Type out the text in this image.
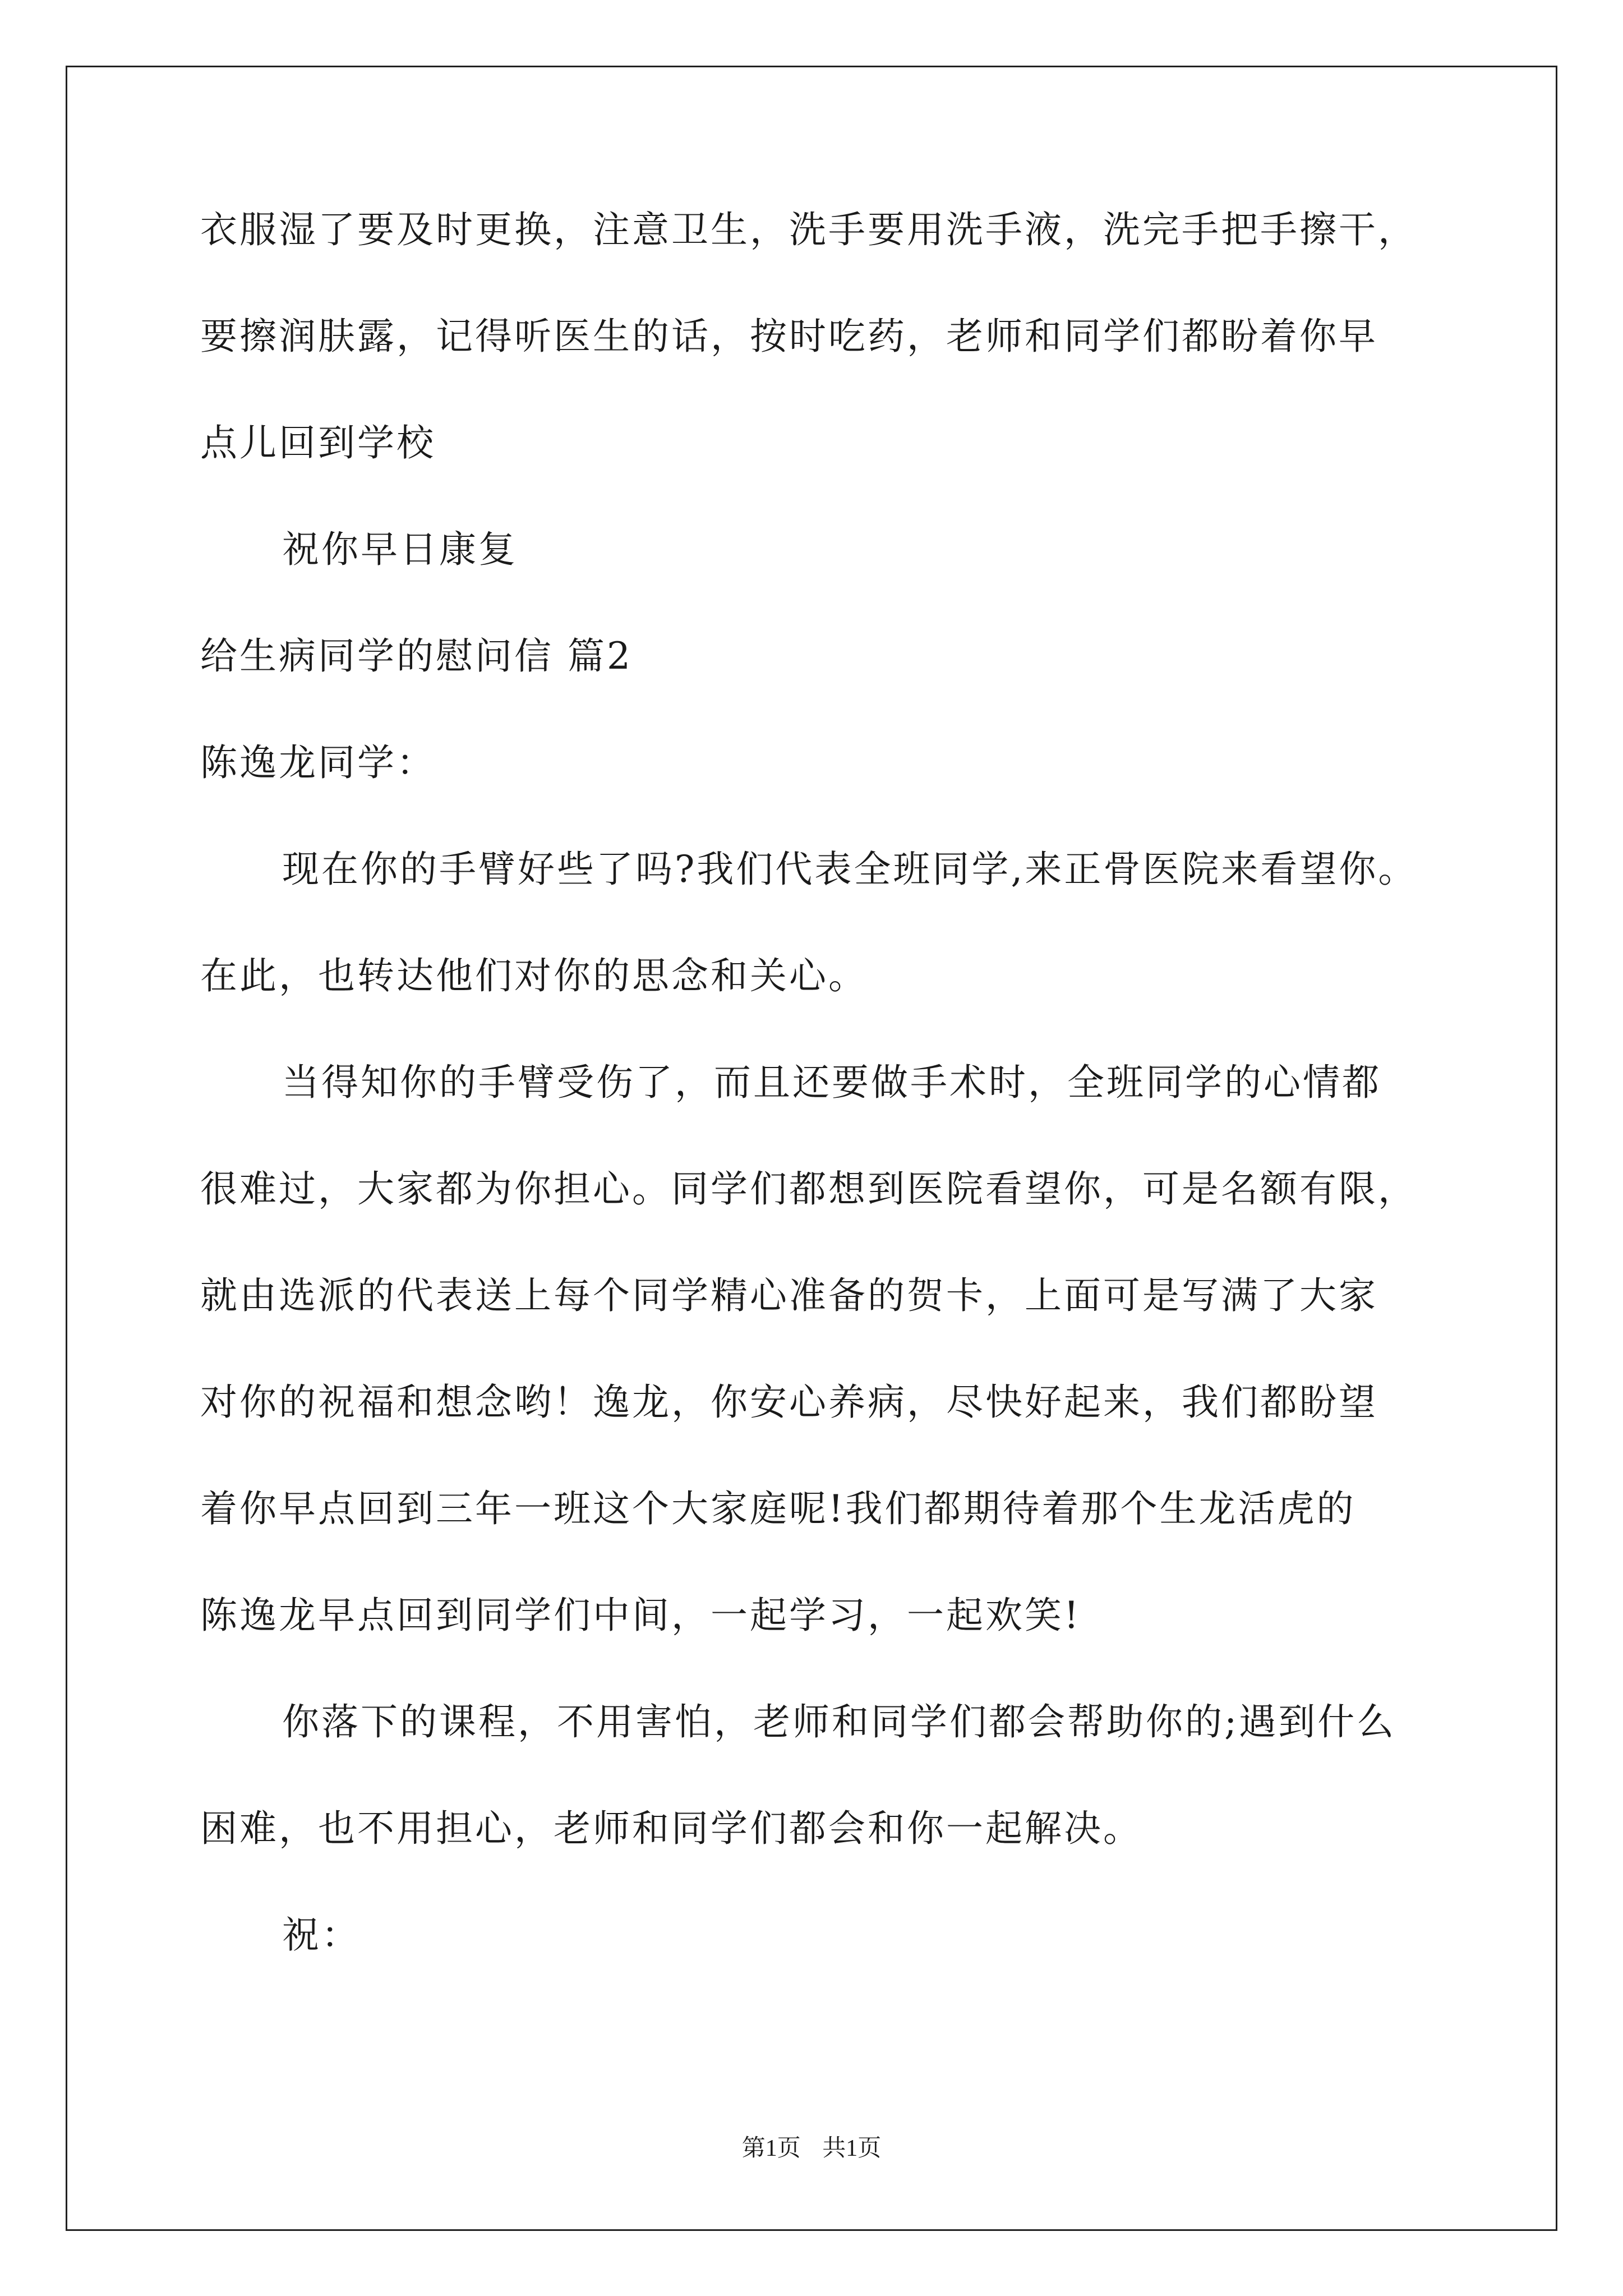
衣服湿了要及时更换，注意卫生，洗手要用洗手液，洗完手把手擦干，
要擦润肤露，记得听医生的话，按时吃药，老师和同学们都盼着你早
点儿回到学校
祝你早日康复
给生病同学的慰问信 篇2
陈逸龙同学：
现在你的手臂好些了吗?我们代表全班同学,来正骨医院来看望你。
在此，也转达他们对你的思念和关心。
当得知你的手臂受伤了，而且还要做手术时，全班同学的心情都
很难过，大家都为你担心。同学们都想到医院看望你，可是名额有限，
就由选派的代表送上每个同学精心准备的贺卡，上面可是写满了大家
对你的祝福和想念哟！逸龙，你安心养病，尽快好起来，我们都盼望
着你早点回到三年一班这个大家庭呢!我们都期待着那个生龙活虎的
陈逸龙早点回到同学们中间，一起学习，一起欢笑!
你落下的课程，不用害怕，老师和同学们都会帮助你的;遇到什么
困难，也不用担心，老师和同学们都会和你一起解决。
祝：
第1页 共1页
